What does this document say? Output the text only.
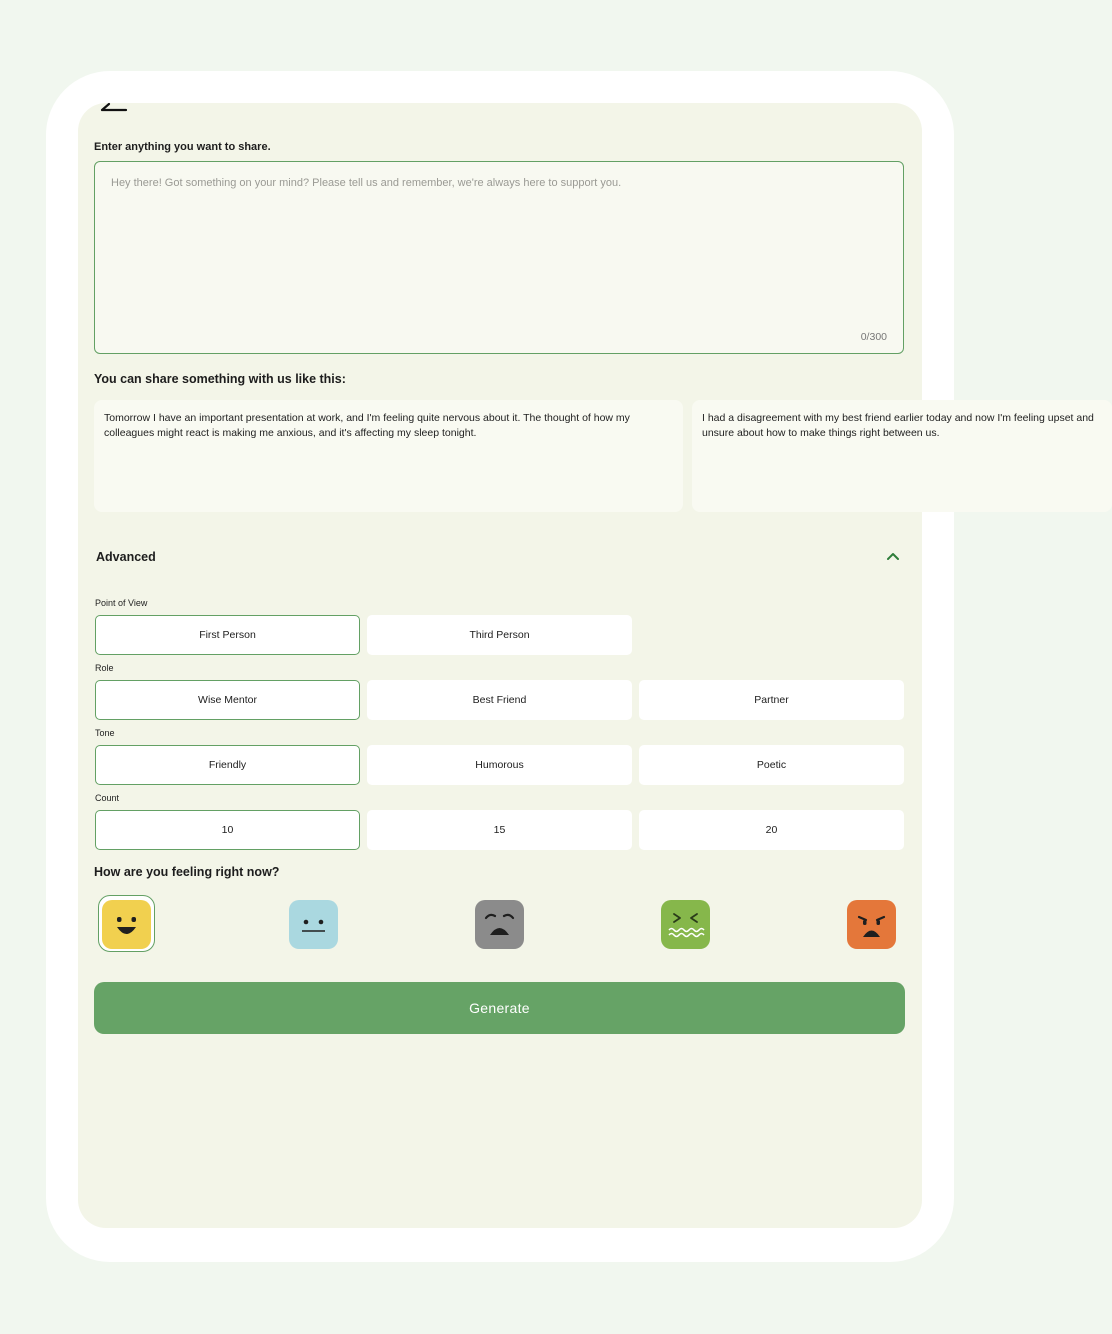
Enter anything you want to share.
Hey there! Got something on your mind? Please tell us and remember, we're always here to support you.
0/300
You can share something with us like this:
Tomorrow I have an important presentation at work, and I'm feeling quite nervous about it. The thought of how my colleagues might react is making me anxious, and it's affecting my sleep tonight.
I had a disagreement with my best friend earlier today and now I'm feeling upset and unsure about how to make things right between us.
Advanced
Point of View
First Person	Third Person
Role
Wise Mentor	Best Friend	Partner
Tone
Friendly	Humorous	Poetic
Count
10	15	20
How are you feeling right now?
Generate
